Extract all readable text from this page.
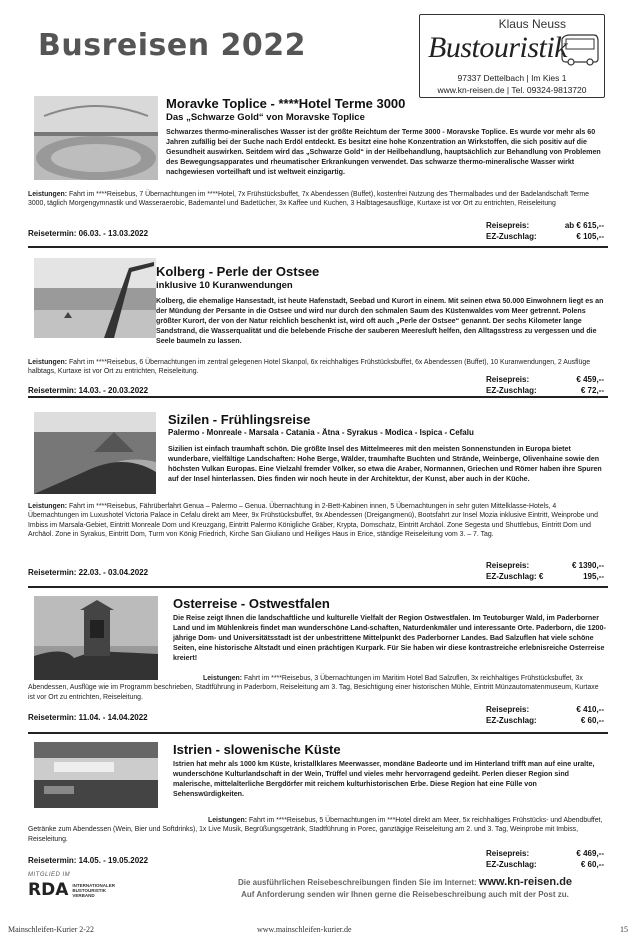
Busreisen 2022
Klaus Neuss
Bustouristik
97337 Dettelbach | Im Kies 1
www.kn-reisen.de | Tel. 09324-9813720
Moravke Toplice - ****Hotel Terme 3000
Das „Schwarze Gold“ von Moravske Toplice
Schwarzes thermo-mineralisches Wasser ist der größte Reichtum der Terme 3000 - Moravske Toplice. Es wurde vor mehr als 60 Jahren zufällig bei der Suche nach Erdöl entdeckt. Es besitzt eine hohe Konzentration an Wirkstoffen, die sich positiv auf die Gesundheit auswirken. Seitdem wird das „Schwarze Gold“ in der Heilbehandlung, hauptsächlich zur Behandlung von Problemen des Bewegungsapparates und rheumatischer Erkrankungen verwendet. Das schwarze thermo-mineralische Wasser wirkt nachgewiesen vorteilhaft und ist weltweit einzigartig.
Leistungen: Fahrt im ****Reisebus, 7 Übernachtungen im ****Hotel, 7x Frühstücksbuffet, 7x Abendessen (Buffet), kostenfrei Nutzung des Thermalbades und der Badelandschaft Terme 3000, täglich Morgengymnastik und Wasseraerobic, Bademantel und Badetücher, 3x Kaffee und Kuchen, 3 Halbtagesausflüge, Kurtaxe ist vor Ort zu entrichten, Reiseleitung
Reisetermin: 06.03. - 13.03.2022
Reisepreis:	ab € 615,--
EZ-Zuschlag:	€ 105,--
Kolberg - Perle der Ostsee
inklusive 10 Kuranwendungen
Kolberg, die ehemalige Hansestadt, ist heute Hafenstadt, Seebad und Kurort in einem. Mit seinen etwa 50.000 Einwohnern liegt es an der Mündung der Persante in die Ostsee und wird nur durch den schmalen Saum des Küstenwaldes vom Meer getrennt. Polens größter Kurort, der von der Natur reichlich beschenkt ist, wird oft auch „Perle der Ostsee“ genannt. Der sechs Kilometer lange Sandstrand, die Wasserqualität und die belebende Frische der sauberen Meeresluft helfen, den Alltagsstress zu vergessen und die Seele baumeln zu lassen.
Leistungen: Fahrt im ****Reisebus, 6 Übernachtungen im zentral gelegenen Hotel Skanpol, 6x reichhaltiges Frühstücksbuffet, 6x Abendessen (Buffet), 10 Kuranwendungen, 2 Ausflüge halbtags, Kurtaxe ist vor Ort zu entrichten, Reiseleitung.
Reisetermin: 14.03. - 20.03.2022
Reisepreis:	€ 459,--
EZ-Zuschlag:	€ 72,--
Sizilen - Frühlingsreise
Palermo - Monreale - Marsala - Catania - Ätna - Syrakus - Modica - Ispica - Cefalu
Sizilien ist einfach traumhaft schön. Die größte Insel des Mittelmeeres mit den meisten Sonnenstunden in Europa bietet wunderbare, vielfältige Landschaften: Hohe Berge, Wälder, traumhafte Buchten und Strände, Weinberge, Olivenhaine sowie den höchsten Vulkan Europas. Eine Vielzahl fremder Völker, so etwa die Araber, Normannen, Griechen und Römer haben ihre Spuren auf der Insel hinterlassen. Dies finden wir noch heute in der Architektur, der Kunst, aber auch in der Küche.
Leistungen: Fahrt im ****Reisebus, Fährüberfahrt Genua – Palermo – Genua. Übernachtung in 2-Bett-Kabinen innen, 5 Übernachtungen in sehr guten Mittelklasse-Hotels, 4 Übernachtungen im Luxushotel Victoria Palace in Cefalu direkt am Meer, 9x Frühstücksbuffet, 9x Abendessen (Dreigangmenü), Bootsfahrt zur Insel Mozia inklusive Eintritt, Weinprobe und Imbiss im Marsala-Gebiet, Eintritt Monreale Dom und Kreuzgang, Eintritt Palermo Königliche Gräber, Krypta, Domschatz, Eintritt Archäol. Zone Segesta und Shuttlebus, Eintritt Dom und Archäol. Zone in Syrakus, Eintritt Dom, Turm von König Friedrich, Kirche San Giuliano und Heiliges Haus in Erice, ständige Reiseleitung vom 3. – 7. Tag.
Reisetermin: 22.03. - 03.04.2022
Reisepreis:	€ 1390,--
EZ-Zuschlag: €	195,--
Osterreise - Ostwestfalen
Die Reise zeigt Ihnen die landschaftliche und kulturelle Vielfalt der Region Ostwestfalen. Im Teutoburger Wald, im Paderborner Land und im Mühlenkreis findet man wunderschöne Land-schaften, Naturdenkmäler und interessante Orte. Paderborn, die 1200-jährige Dom- und Universitätsstadt ist der unbestrittene Mittelpunkt des Paderborner Landes. Bad Salzuflen hat viele schöne Seiten, eine historische Altstadt und einen prächtigen Kurpark. Für Sie haben wir diese kontrastreiche erlebnisreiche Osterreise kreiert!
Leistungen: Fahrt im ****Reisebus, 3 Übernachtungen im Maritim Hotel Bad Salzuflen, 3x reichhaltiges Frühstücksbuffet, 3x Abendessen, Ausflüge wie im Programm beschrieben, Stadtführung in Paderborn, Reiseleitung am 3. Tag, Besichtigung einer historischen Mühle, Eintritt Münzautomatenmuseum, Kurtaxe ist vor Ort zu entrichten, Reiseleitung.
Reisetermin: 11.04. - 14.04.2022
Reisepreis:	€ 410,--
EZ-Zuschlag:	€ 60,--
Istrien - slowenische Küste
Istrien hat mehr als 1000 km Küste, kristallklares Meerwasser, mondäne Badeorte und im Hinterland trifft man auf eine uralte, wunderschöne Kulturlandschaft in der Wein, Trüffel und vieles mehr hervorragend gedeiht. Perlen dieser Region sind malerische, mittelalterliche Bergdörfer mit reichem kulturhistorischen Erbe. Diese Region hat eine Fülle von Sehenswürdigkeiten.
Leistungen: Fahrt im ****Reisebus, 5 Übernachtungen im ***Hotel direkt am Meer, 5x reichhaltiges Frühstücks- und Abendbuffet, Getränke zum Abendessen (Wein, Bier und Softdrinks), 1x Live Musik, Begrüßungsgetränk, Stadtführung in Porec, ganztägige Reiseleitung am 2. und 3. Tag, Weinprobe mit Imbiss, Reiseleitung.
Reisetermin: 14.05. - 19.05.2022
Reisepreis:	€ 469,--
EZ-Zuschlag:	€ 60,--
MITGLIED IM
RDA INTERNATIONALER BUSTOURISTIK VERBAND
Die ausführlichen Reisebeschreibungen finden Sie im Internet: www.kn-reisen.de
Auf Anforderung senden wir Ihnen gerne die Reisebeschreibung auch mit der Post zu.
Mainschleifen-Kurier 2-22	www.mainschleifen-kurier.de	15
